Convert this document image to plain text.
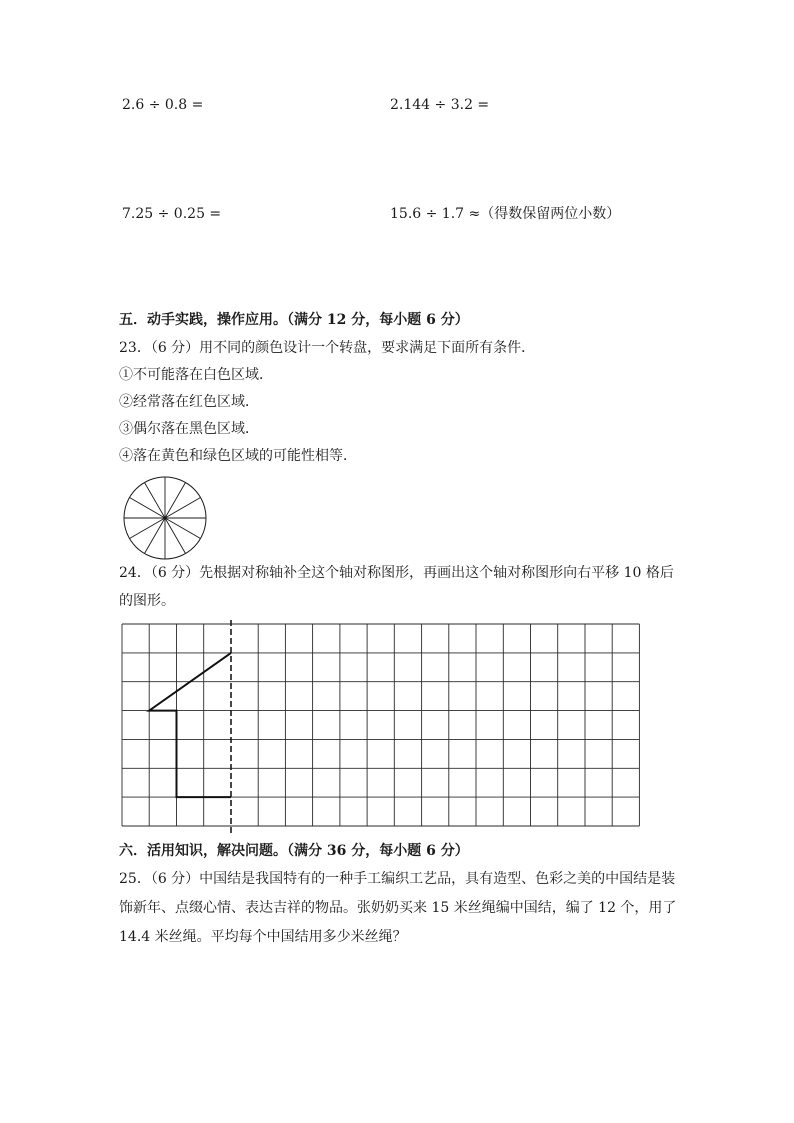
2.6 ÷ 0.8 =	2.144 ÷ 3.2 =
7.25 ÷ 0.25 =	15.6 ÷ 1.7 ≈（得数保留两位小数）
五．动手实践，操作应用。（满分 12 分，每小题 6 分）
23．（6 分）用不同的颜色设计一个转盘，要求满足下面所有条件．
①不可能落在白色区域．
②经常落在红色区域．
③偶尔落在黑色区域．
④落在黄色和绿色区域的可能性相等．
24．（6 分）先根据对称轴补全这个轴对称图形，再画出这个轴对称图形向右平移 10 格后
的图形。
六．活用知识，解决问题。（满分 36 分，每小题 6 分）
25．（6 分）中国结是我国特有的一种手工编织工艺品，具有造型、色彩之美的中国结是装
饰新年、点缀心情、表达吉祥的物品。张奶奶买来 15 米丝绳编中国结，编了 12 个，用了
14.4 米丝绳。平均每个中国结用多少米丝绳？
